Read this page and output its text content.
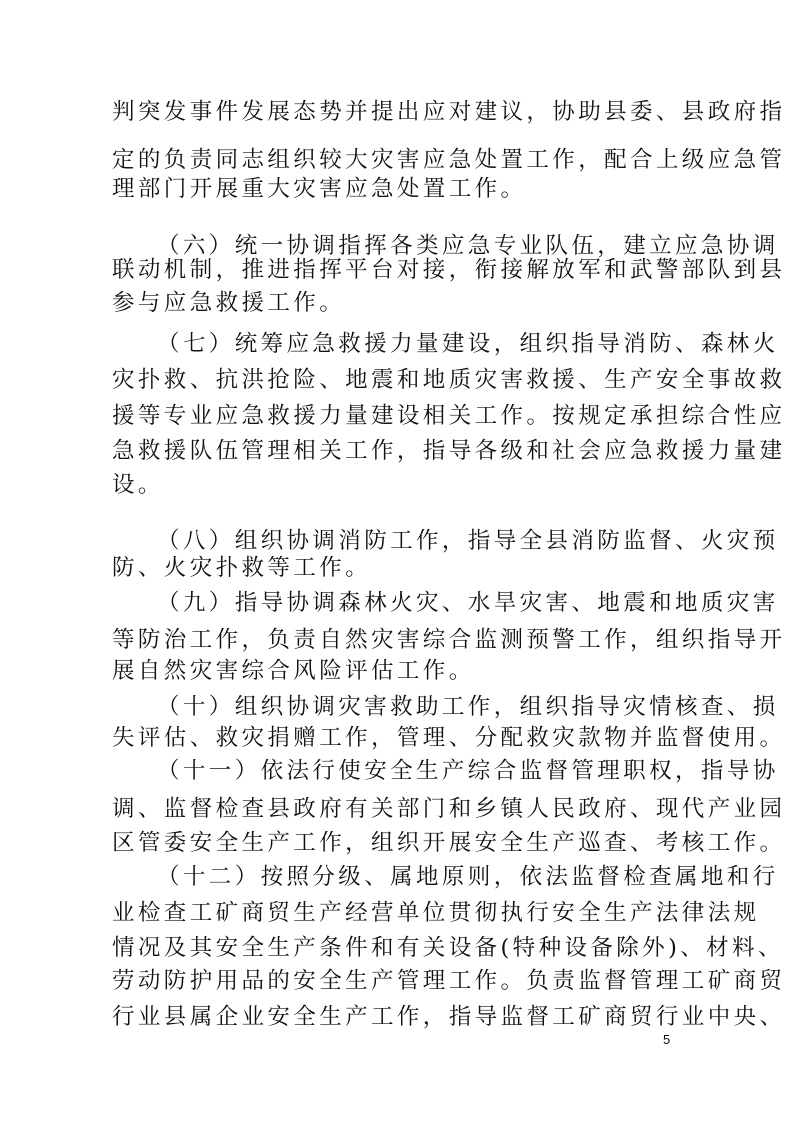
判突发事件发展态势并提出应对建议，协助县委、县政府指
定的负责同志组织较大灾害应急处置工作，配合上级应急管
理部门开展重大灾害应急处置工作。
（六）统一协调指挥各类应急专业队伍，建立应急协调
联动机制，推进指挥平台对接，衔接解放军和武警部队到县
参与应急救援工作。
（七）统筹应急救援力量建设，组织指导消防、森林火
灾扑救、抗洪抢险、地震和地质灾害救援、生产安全事故救
援等专业应急救援力量建设相关工作。按规定承担综合性应
急救援队伍管理相关工作，指导各级和社会应急救援力量建
设。
（八）组织协调消防工作，指导全县消防监督、火灾预
防、火灾扑救等工作。
（九）指导协调森林火灾、水旱灾害、地震和地质灾害
等防治工作，负责自然灾害综合监测预警工作，组织指导开
展自然灾害综合风险评估工作。
（十）组织协调灾害救助工作，组织指导灾情核查、损
失评估、救灾捐赠工作，管理、分配救灾款物并监督使用。
（十一）依法行使安全生产综合监督管理职权，指导协
调、监督检查县政府有关部门和乡镇人民政府、现代产业园
区管委安全生产工作，组织开展安全生产巡查、考核工作。
（十二）按照分级、属地原则，依法监督检查属地和行
业检查工矿商贸生产经营单位贯彻执行安全生产法律法规
情况及其安全生产条件和有关设备(特种设备除外)、材料、
劳动防护用品的安全生产管理工作。负责监督管理工矿商贸
行业县属企业安全生产工作，指导监督工矿商贸行业中央、
5
